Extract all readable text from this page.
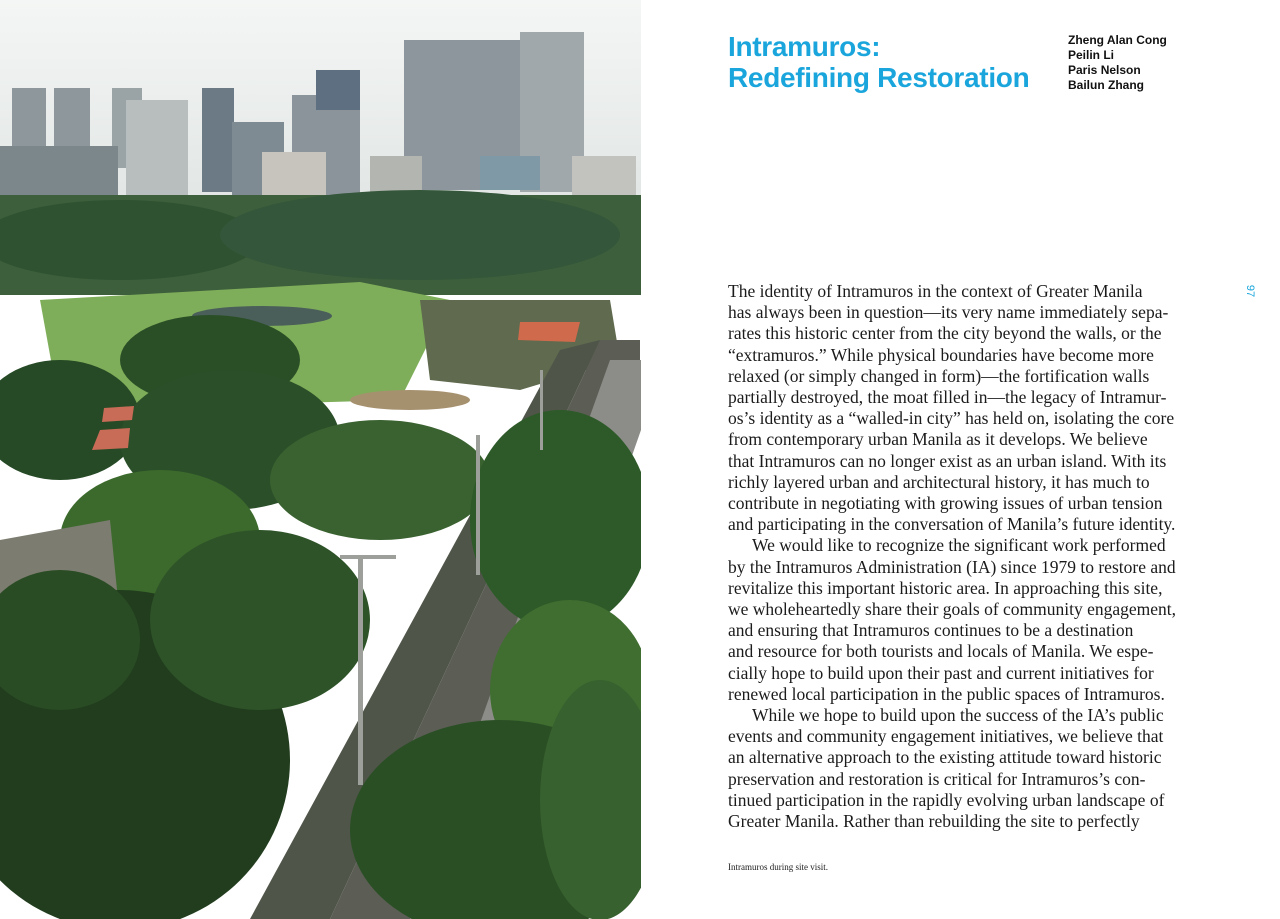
Intramuros:
Redefining Restoration
Zheng Alan Cong
Peilin Li
Paris Nelson
Bailun Zhang
97
The identity of Intramuros in the context of Greater Manila
has always been in question—its very name immediately sepa-
rates this historic center from the city beyond the walls, or the
“extramuros.” While physical boundaries have become more
relaxed (or simply changed in form)—the fortification walls
partially destroyed, the moat filled in—the legacy of Intramur-
os’s identity as a “walled-in city” has held on, isolating the core
from contemporary urban Manila as it develops. We believe
that Intramuros can no longer exist as an urban island. With its
richly layered urban and architectural history, it has much to
contribute in negotiating with growing issues of urban tension
and participating in the conversation of Manila’s future identity.
We would like to recognize the significant work performed
by the Intramuros Administration (IA) since 1979 to restore and
revitalize this important historic area. In approaching this site,
we wholeheartedly share their goals of community engagement,
and ensuring that Intramuros continues to be a destination
and resource for both tourists and locals of Manila. We espe-
cially hope to build upon their past and current initiatives for
renewed local participation in the public spaces of Intramuros.
While we hope to build upon the success of the IA’s public
events and community engagement initiatives, we believe that
an alternative approach to the existing attitude toward historic
preservation and restoration is critical for Intramuros’s con-
tinued participation in the rapidly evolving urban landscape of
Greater Manila. Rather than rebuilding the site to perfectly
Intramuros during site visit.
